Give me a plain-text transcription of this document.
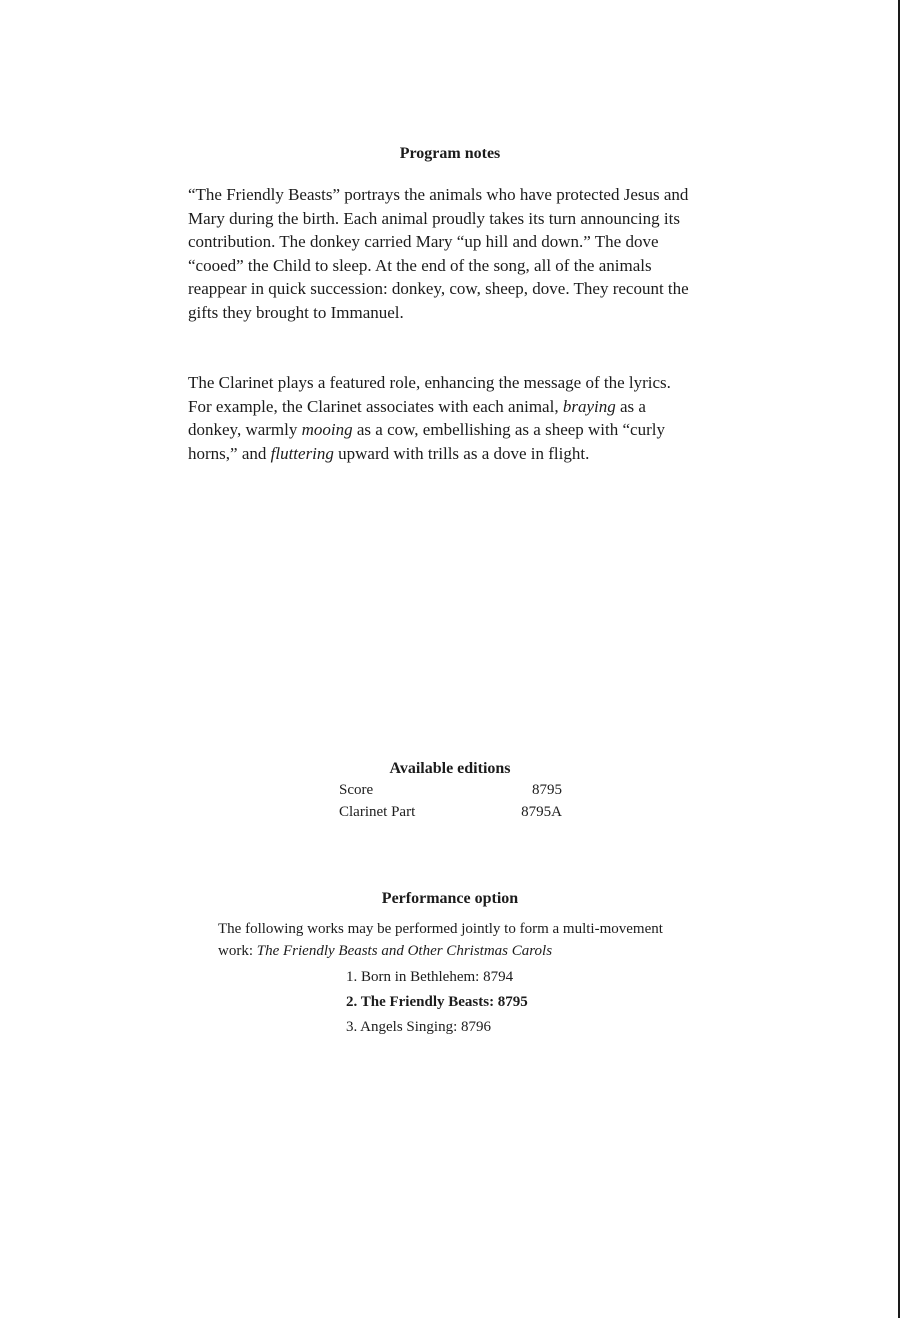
Program notes

“The Friendly Beasts” portrays the animals who have protected Jesus and Mary during the birth. Each animal proudly takes its turn announcing its contribution. The donkey carried Mary “up hill and down.” The dove “cooed” the Child to sleep. At the end of the song, all of the animals reappear in quick succession: donkey, cow, sheep, dove. They recount the gifts they brought to Immanuel.

The Clarinet plays a featured role, enhancing the message of the lyrics. For example, the Clarinet associates with each animal, braying as a donkey, warmly mooing as a cow, embellishing as a sheep with “curly horns,” and fluttering upward with trills as a dove in flight.

Available editions
Score	8795
Clarinet Part	8795A
Performance option

The following works may be performed jointly to form a multi-movement work: The Friendly Beasts and Other Christmas Carols

1. Born in Bethlehem: 8794
2. The Friendly Beasts: 8795
3. Angels Singing: 8796
